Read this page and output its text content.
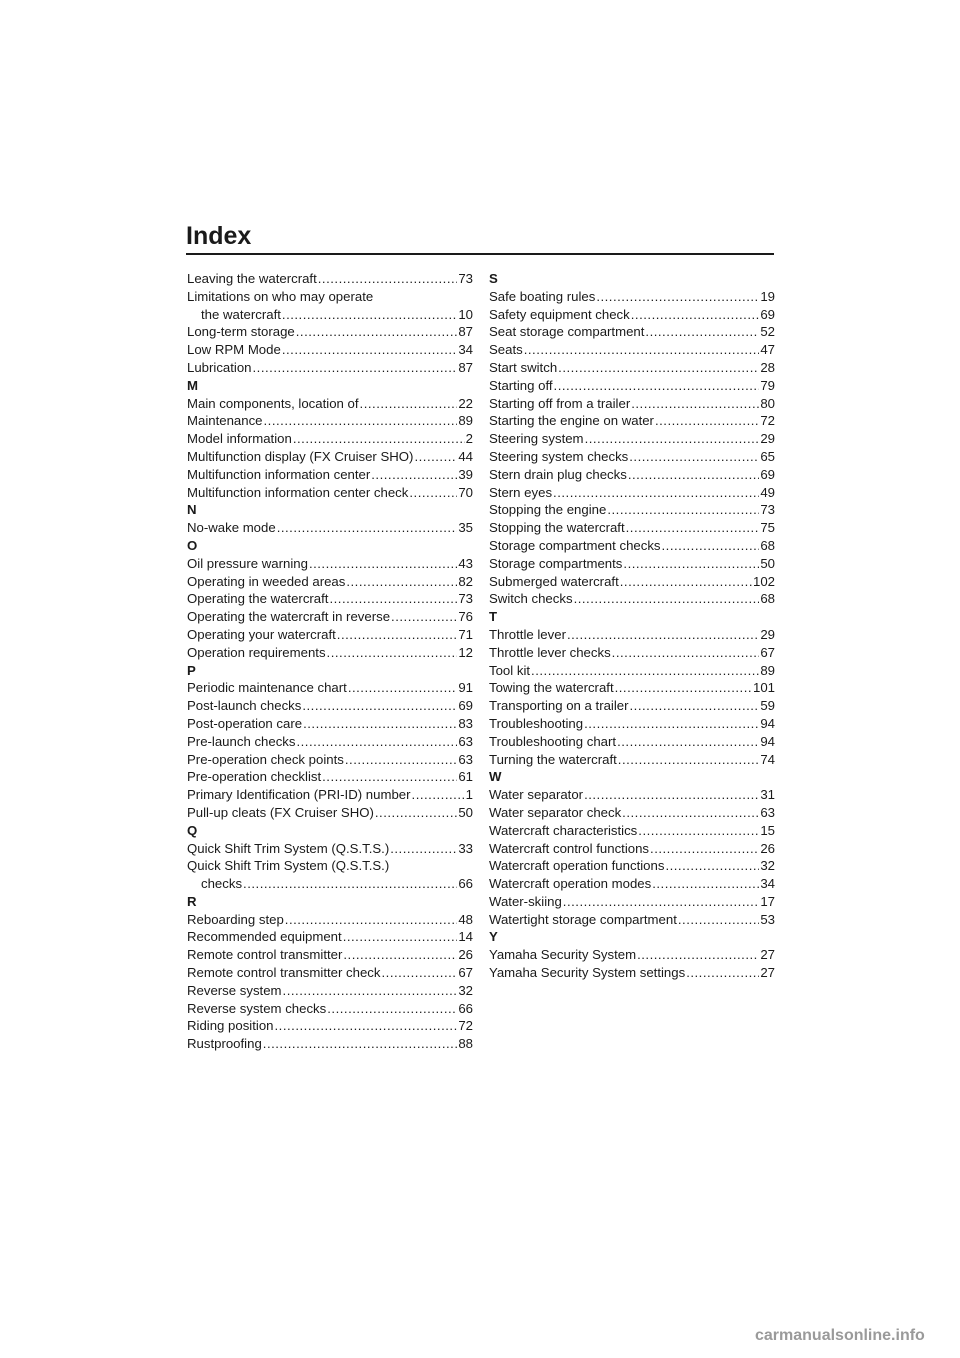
Index
Leaving the watercraft .....	73
Limitations on who may operate
the watercraft .....	10
Long-term storage .....	87
Low RPM Mode .....	34
Lubrication .....	87
M
Main components, location of .....	22
Maintenance .....	89
Model information .....	2
Multifunction display (FX Cruiser SHO) .....	44
Multifunction information center .....	39
Multifunction information center check .....	70
N
No-wake mode .....	35
O
Oil pressure warning .....	43
Operating in weeded areas .....	82
Operating the watercraft .....	73
Operating the watercraft in reverse .....	76
Operating your watercraft .....	71
Operation requirements .....	12
P
Periodic maintenance chart .....	91
Post-launch checks .....	69
Post-operation care .....	83
Pre-launch checks .....	63
Pre-operation check points .....	63
Pre-operation checklist .....	61
Primary Identification (PRI-ID) number .....	1
Pull-up cleats (FX Cruiser SHO) .....	50
Q
Quick Shift Trim System (Q.S.T.S.) .....	33
Quick Shift Trim System (Q.S.T.S.)
checks .....	66
R
Reboarding step .....	48
Recommended equipment .....	14
Remote control transmitter .....	26
Remote control transmitter check .....	67
Reverse system .....	32
Reverse system checks .....	66
Riding position .....	72
Rustproofing .....	88
S
Safe boating rules .....	19
Safety equipment check .....	69
Seat storage compartment .....	52
Seats .....	47
Start switch .....	28
Starting off .....	79
Starting off from a trailer .....	80
Starting the engine on water .....	72
Steering system .....	29
Steering system checks .....	65
Stern drain plug checks .....	69
Stern eyes .....	49
Stopping the engine .....	73
Stopping the watercraft .....	75
Storage compartment checks .....	68
Storage compartments .....	50
Submerged watercraft .....	102
Switch checks .....	68
T
Throttle lever .....	29
Throttle lever checks .....	67
Tool kit .....	89
Towing the watercraft .....	101
Transporting on a trailer .....	59
Troubleshooting .....	94
Troubleshooting chart .....	94
Turning the watercraft .....	74
W
Water separator .....	31
Water separator check .....	63
Watercraft characteristics .....	15
Watercraft control functions .....	26
Watercraft operation functions .....	32
Watercraft operation modes .....	34
Water-skiing .....	17
Watertight storage compartment .....	53
Y
Yamaha Security System .....	27
Yamaha Security System settings .....	27
carmanualsonline.info
